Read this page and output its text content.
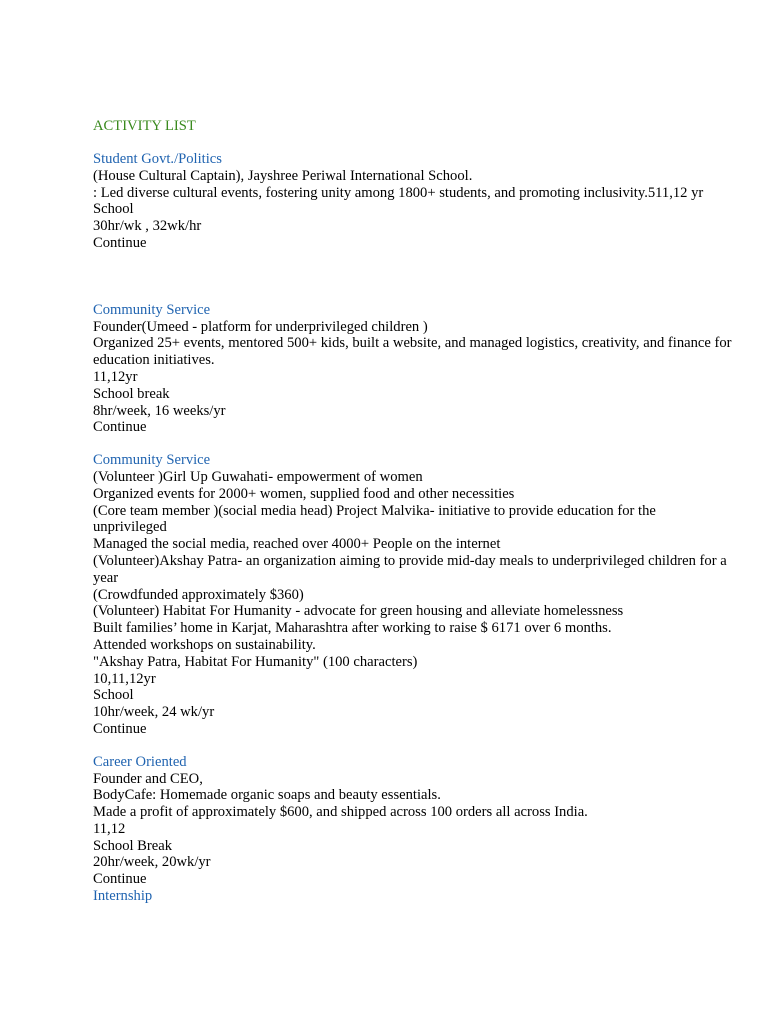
ACTIVITY LIST
Student Govt./Politics
(House Cultural Captain), Jayshree Periwal International School.
: Led diverse cultural events, fostering unity among 1800+ students, and promoting inclusivity.511,12 yr
School
30hr/wk , 32wk/hr
Continue
Community Service
Founder(Umeed - platform for underprivileged children )
Organized 25+ events, mentored 500+ kids, built a website, and managed logistics, creativity, and finance for education initiatives.
11,12yr
School break
8hr/week, 16 weeks/yr
Continue
Community Service
(Volunteer )Girl Up Guwahati- empowerment of women
Organized events for 2000+ women, supplied food and other necessities
(Core team member )(social media head) Project Malvika- initiative to provide education for the unprivileged
Managed the social media, reached over 4000+ People on the internet
(Volunteer)Akshay Patra- an organization aiming to provide mid-day meals to underprivileged children for a year
(Crowdfunded approximately $360)
(Volunteer) Habitat For Humanity - advocate for green housing and alleviate homelessness
Built families’ home in Karjat, Maharashtra after working to raise $ 6171 over 6 months.
Attended workshops on sustainability.
"Akshay Patra, Habitat For Humanity" (100 characters)
10,11,12yr
School
10hr/week, 24 wk/yr
Continue
Career Oriented
Founder and CEO,
BodyCafe: Homemade organic soaps and beauty essentials.
Made a profit of approximately $600, and shipped across 100 orders all across India.
11,12
School Break
20hr/week, 20wk/yr
Continue
Internship
